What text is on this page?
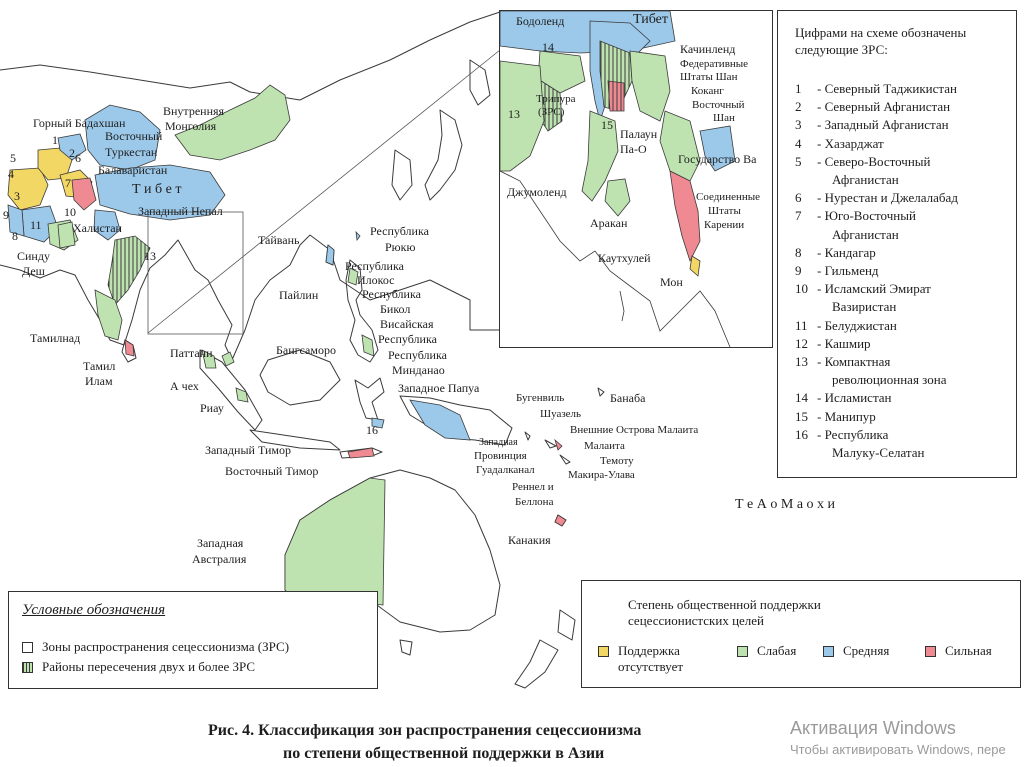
Горный Бадахшан
Восточный
Туркестан
Внутренняя
Монголия
Балаваристан
Т и б е т
Западный Непал
Халистан
Синду
Деш
Тамилнад
Тамил
Илам
Тайвань
Республика
Рюкю
Республика
Илокос
Республика
Бикол
Висайская
Республика
Республика
Минданао
Пайлин
Бангсаморо
Паттани
А чех
Риау
Западное Папуа
Западный Тимор
Восточный Тимор
Бугенвиль
Шуазель
Банаба
Внешние Острова Малаита
Западная
Провинция
Малаита
Темоту
Гуадалканал	Макира-Улава
Реннел и
Беллона
Канакия
Т е А о М а о х и
Западная
Австралия
1
2
3
4
5	6
7
8
9	10
11
13
16
Бодоленд	Тибет
Качинленд
Федеративные
Штаты Шан
Коканг
Восточный
Шан
Трипура
(ЗРС)
Палаун
Па-О
Государство Ва
Джумоленд	Соединенные
Штаты
Карении
Аракан
Каутхулей
Мон
13
14
15
Цифрами на схеме обозначены
следующие ЗРС:
1 - Северный Таджикистан
2 - Северный Афганистан
3 - Западный Афганистан
4 - Хазарджат
5 - Северо-Восточный
Афганистан
6 - Нурестан и Джелалабад
7 - Юго-Восточный
Афганистан
8 - Кандагар
9 - Гильменд
10 - Исламский Эмират
Вазиристан
11 - Белуджистан
12 - Кашмир
13 - Компактная
революционная зона
14 - Исламистан
15 - Манипур
16 - Республика
Малуку-Селатан
Условные обозначения
Зоны распространения сецессионизма (ЗРС)
Районы пересечения двух и более ЗРС
Степень общественной поддержки
сецессионистских целей
Поддержка
отсутствует
Слабая	Средняя	Сильная
Рис. 4. Классификация зон распространения сецессионизма
по степени общественной поддержки в Азии
Активация Windows
Чтобы активировать Windows, пере
